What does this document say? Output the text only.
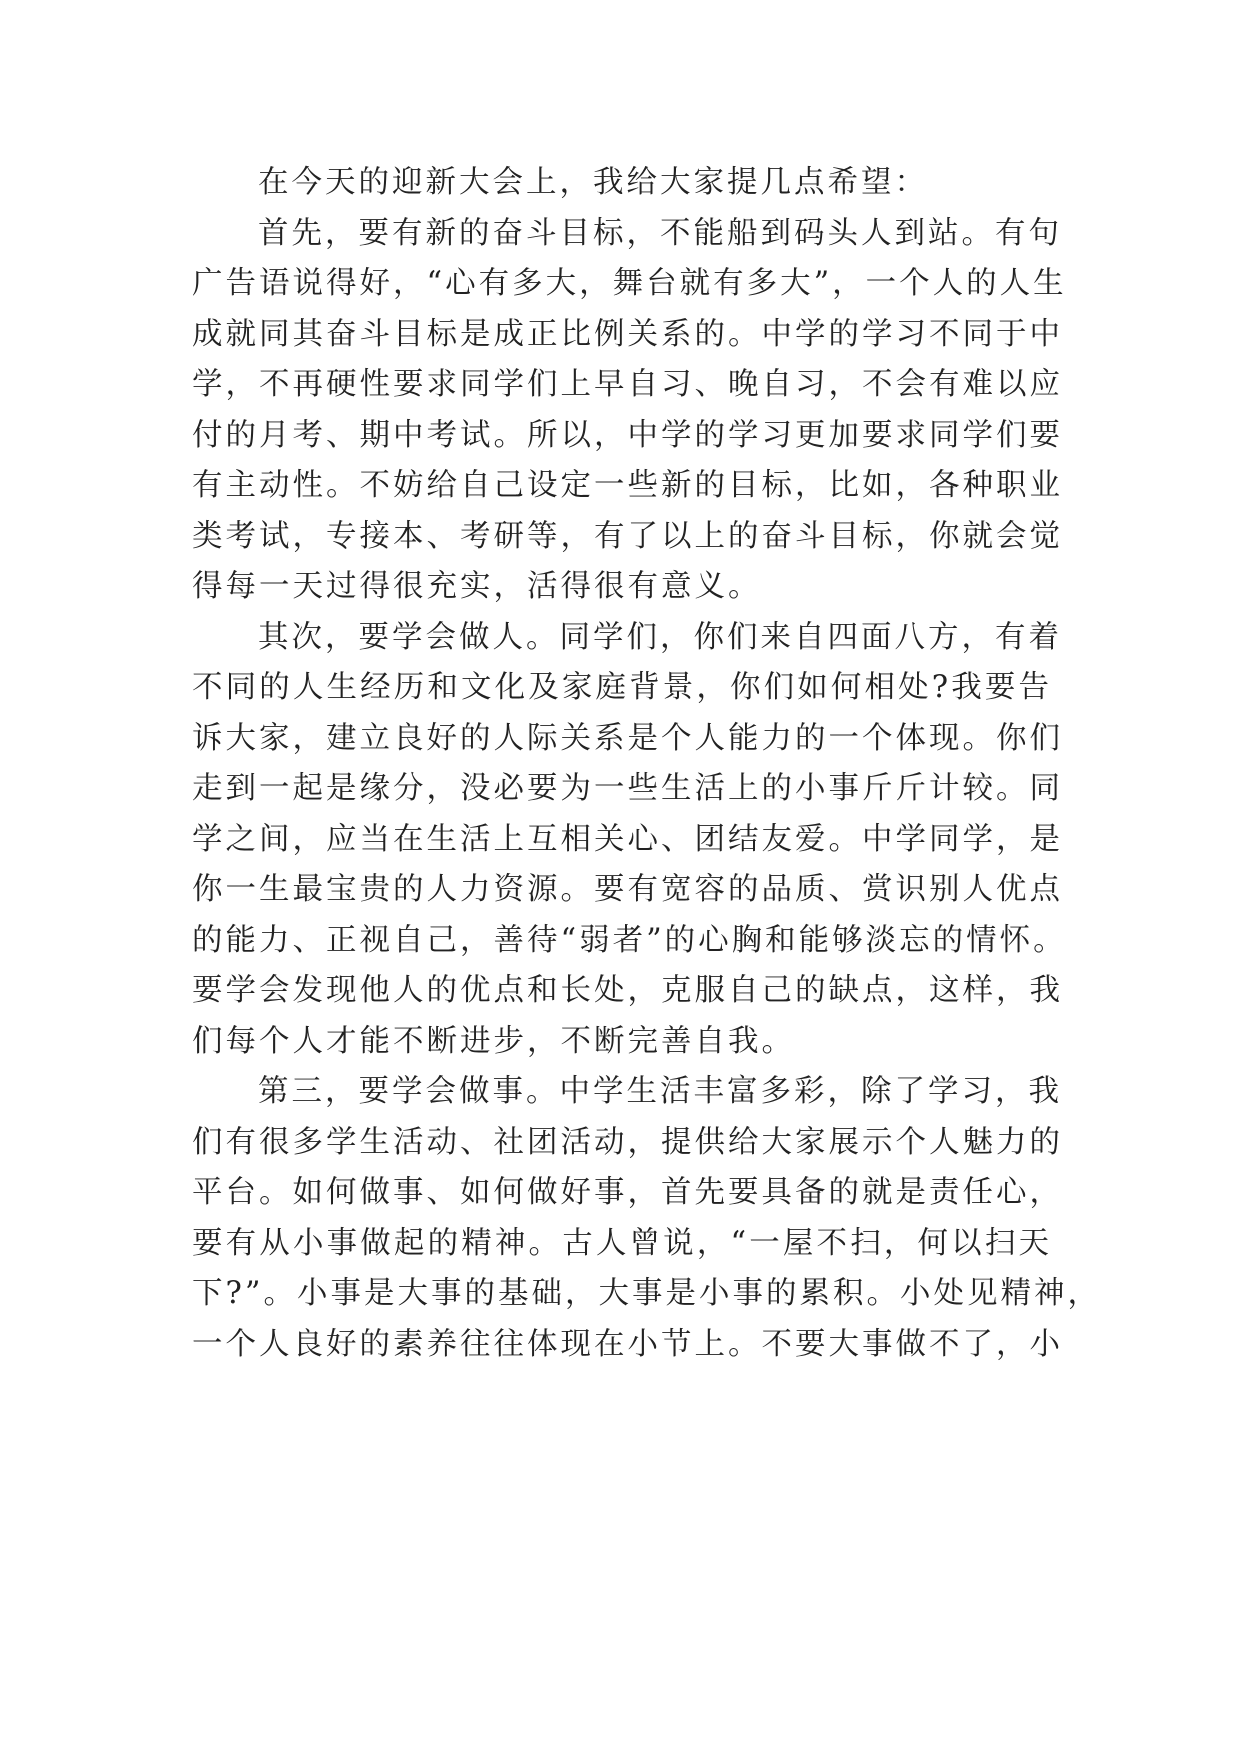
在今天的迎新大会上，我给大家提几点希望：
首先，要有新的奋斗目标，不能船到码头人到站。有句
广告语说得好，“心有多大，舞台就有多大”，一个人的人生
成就同其奋斗目标是成正比例关系的。中学的学习不同于中
学，不再硬性要求同学们上早自习、晚自习，不会有难以应
付的月考、期中考试。所以，中学的学习更加要求同学们要
有主动性。不妨给自己设定一些新的目标，比如，各种职业
类考试，专接本、考研等，有了以上的奋斗目标，你就会觉
得每一天过得很充实，活得很有意义。
其次，要学会做人。同学们，你们来自四面八方，有着
不同的人生经历和文化及家庭背景，你们如何相处?我要告
诉大家，建立良好的人际关系是个人能力的一个体现。你们
走到一起是缘分，没必要为一些生活上的小事斤斤计较。同
学之间，应当在生活上互相关心、团结友爱。中学同学，是
你一生最宝贵的人力资源。要有宽容的品质、赏识别人优点
的能力、正视自己，善待“弱者”的心胸和能够淡忘的情怀。
要学会发现他人的优点和长处，克服自己的缺点，这样，我
们每个人才能不断进步，不断完善自我。
第三，要学会做事。中学生活丰富多彩，除了学习，我
们有很多学生活动、社团活动，提供给大家展示个人魅力的
平台。如何做事、如何做好事，首先要具备的就是责任心，
要有从小事做起的精神。古人曾说，“一屋不扫，何以扫天
下?”。小事是大事的基础，大事是小事的累积。小处见精神，
一个人良好的素养往往体现在小节上。不要大事做不了，小
